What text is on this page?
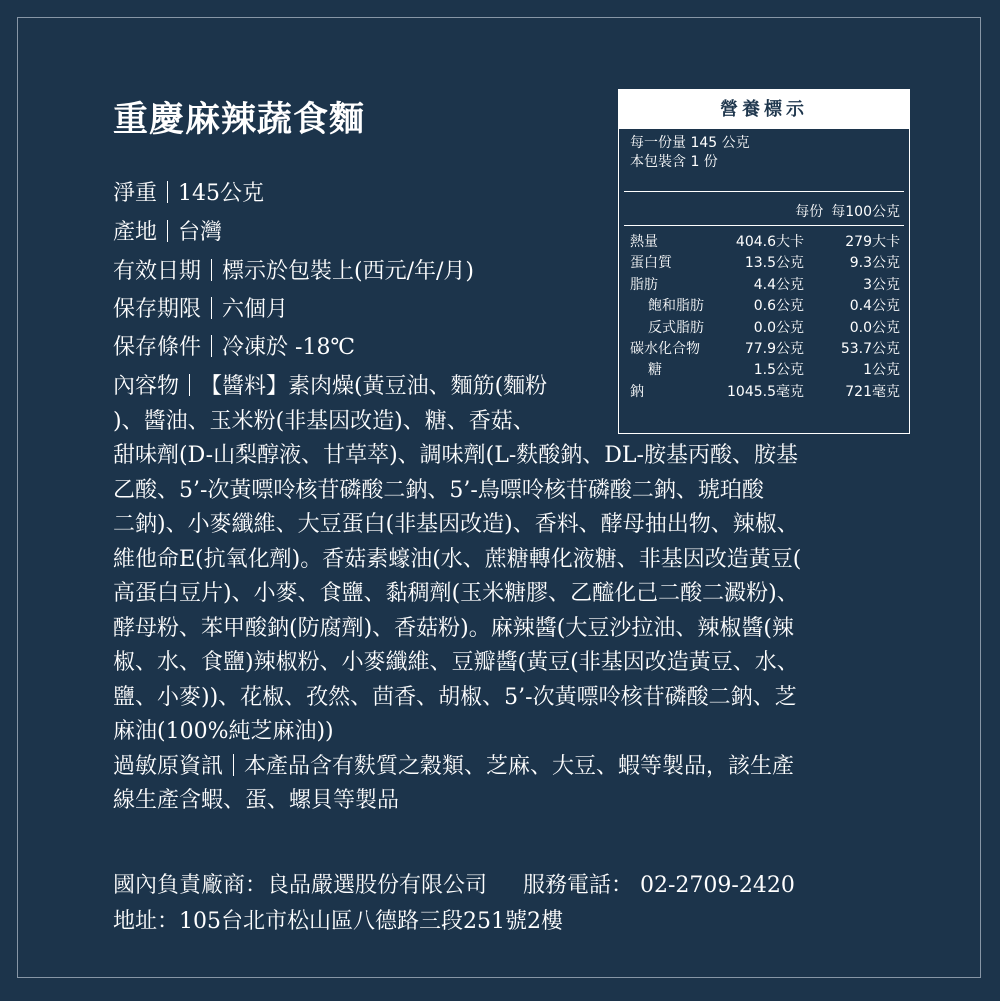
重慶麻辣蔬食麵
淨重 145公克
產地 台灣
有效日期 標示於包裝上(西元/年/月)
保存期限 六個月
保存條件 冷凍於 -18℃
內容物 【醬料】素肉燥(黃豆油、麵筋(麵粉
)、醬油、玉米粉(非基因改造)、糖、香菇、
甜味劑(D-山梨醇液、甘草萃)、調味劑(L-麩酸鈉、DL-胺基丙酸、胺基
乙酸、5’-次黃嘌呤核苷磷酸二鈉、5’-鳥嘌呤核苷磷酸二鈉、琥珀酸
二鈉)、小麥纖維、大豆蛋白(非基因改造)、香料、酵母抽出物、辣椒、
維他命E(抗氧化劑)。香菇素蠔油(水、蔗糖轉化液糖、非基因改造黃豆(
高蛋白豆片)、小麥、食鹽、黏稠劑(玉米糖膠、乙醯化己二酸二澱粉)、
酵母粉、苯甲酸鈉(防腐劑)、香菇粉)。麻辣醬(大豆沙拉油、辣椒醬(辣
椒、水、食鹽)辣椒粉、小麥纖維、豆瓣醬(黃豆(非基因改造黃豆、水、
鹽、小麥))、花椒、孜然、茴香、胡椒、5’-次黃嘌呤核苷磷酸二鈉、芝
麻油(100%純芝麻油))
過敏原資訊 本產品含有麩質之穀類、芝麻、大豆、蝦等製品，該生產
線生產含蝦、蛋、螺貝等製品
國內負責廠商：良品嚴選股份有限公司 服務電話： 02-2709-2420
地址：105台北市松山區八德路三段251號2樓
營養標示
每一份量 145 公克
本包裝含 1 份
每份 每100公克
熱量	404.6大卡	279大卡
蛋白質	13.5公克	9.3公克
脂肪	4.4公克	3公克
飽和脂肪	0.6公克	0.4公克
反式脂肪	0.0公克	0.0公克
碳水化合物	77.9公克	53.7公克
糖	1.5公克	1公克
鈉	1045.5毫克	721毫克
